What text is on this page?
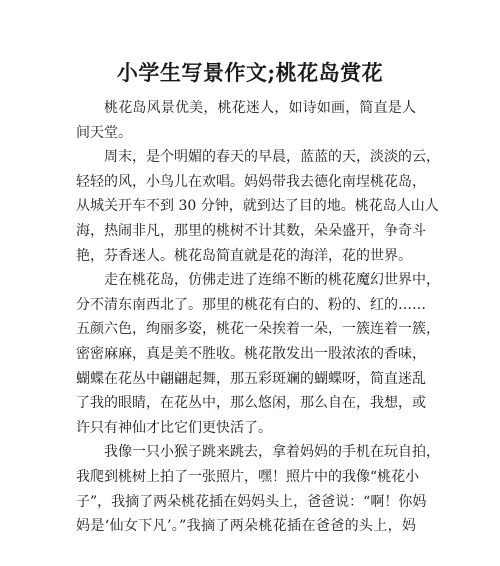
小学生写景作文;桃花岛赏花

桃花岛风景优美，桃花迷人，如诗如画，简直是人
间天堂。

周末，是个明媚的春天的早晨，蓝蓝的天，淡淡的云，
轻轻的风，小鸟儿在欢唱。妈妈带我去德化南埕桃花岛，
从城关开车不到 30 分钟，就到达了目的地。桃花岛人山人
海，热闹非凡，那里的桃树不计其数，朵朵盛开，争奇斗
艳，芬香迷人。桃花岛简直就是花的海洋，花的世界。

走在桃花岛，仿佛走进了连绵不断的桃花魔幻世界中，
分不清东南西北了。那里的桃花有白的、粉的、红的……
五颜六色，绚丽多姿，桃花一朵挨着一朵，一簇连着一簇，
密密麻麻，真是美不胜收。桃花散发出一股浓浓的香味，
蝴蝶在花丛中翩翩起舞，那五彩斑斓的蝴蝶呀，简直迷乱
了我的眼睛，在花丛中，那么悠闲，那么自在，我想，或
许只有神仙才比它们更快活了。

我像一只小猴子跳来跳去，拿着妈妈的手机在玩自拍，
我爬到桃树上拍了一张照片，嘿！照片中的我像“桃花小
子”，我摘了两朵桃花插在妈妈头上，爸爸说：“啊！你妈
妈是‘仙女下凡’。”我摘了两朵桃花插在爸爸的头上，妈
